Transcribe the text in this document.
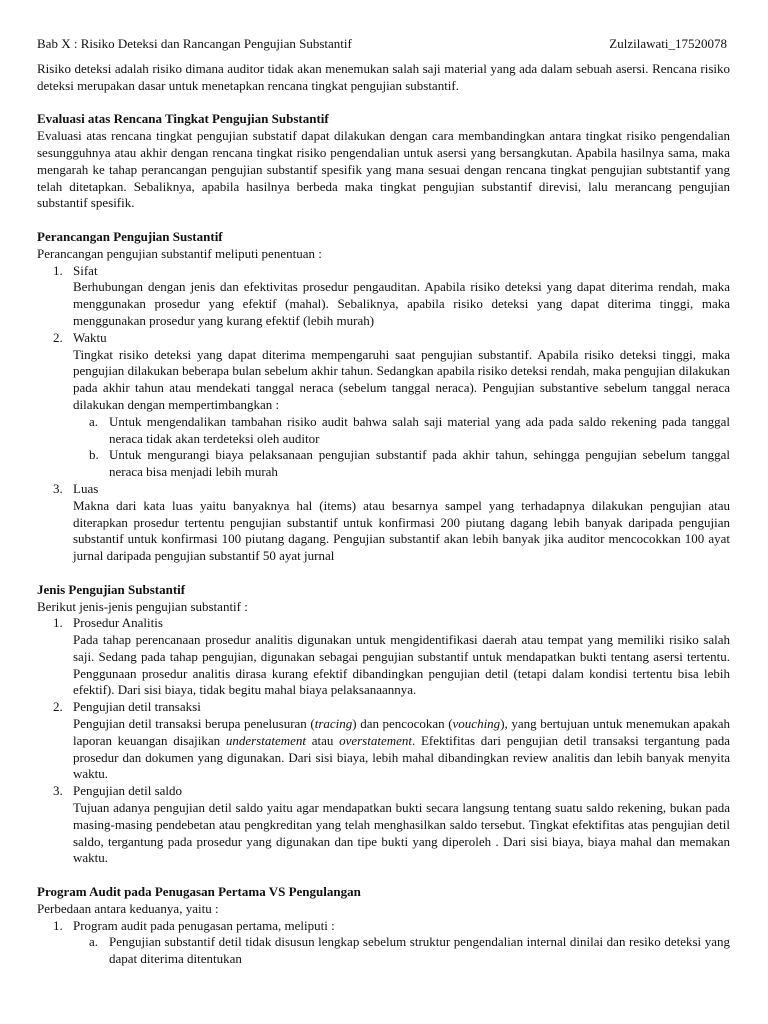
Bab X : Risiko Deteksi dan Rancangan Pengujian Substantif	Zulzilawati_17520078

Risiko deteksi adalah risiko dimana auditor tidak akan menemukan salah saji material yang ada dalam sebuah asersi. Rencana risiko deteksi merupakan dasar untuk menetapkan rencana tingkat pengujian substantif.

Evaluasi atas Rencana Tingkat Pengujian Substantif

Evaluasi atas rencana tingkat pengujian substatif dapat dilakukan dengan cara membandingkan antara tingkat risiko pengendalian sesungguhnya atau akhir dengan rencana tingkat risiko pengendalian untuk asersi yang bersangkutan. Apabila hasilnya sama, maka mengarah ke tahap perancangan pengujian substantif spesifik yang mana sesuai dengan rencana tingkat pengujian subtstantif yang telah ditetapkan. Sebaliknya, apabila hasilnya berbeda maka tingkat pengujian substantif direvisi, lalu merancang pengujian substantif spesifik.

Perancangan Pengujian Sustantif

Perancangan pengujian substantif meliputi penentuan :

1. Sifat

Berhubungan dengan jenis dan efektivitas prosedur pengauditan. Apabila risiko deteksi yang dapat diterima rendah, maka menggunakan prosedur yang efektif (mahal). Sebaliknya, apabila risiko deteksi yang dapat diterima tinggi, maka menggunakan prosedur yang kurang efektif (lebih murah)

2. Waktu

Tingkat risiko deteksi yang dapat diterima mempengaruhi saat pengujian substantif. Apabila risiko deteksi tinggi, maka pengujian dilakukan beberapa bulan sebelum akhir tahun. Sedangkan apabila risiko deteksi rendah, maka pengujian dilakukan pada akhir tahun atau mendekati tanggal neraca (sebelum tanggal neraca). Pengujian substantive sebelum tanggal neraca dilakukan dengan mempertimbangkan :

a. Untuk mengendalikan tambahan risiko audit bahwa salah saji material yang ada pada saldo rekening pada tanggal neraca tidak akan terdeteksi oleh auditor
b. Untuk mengurangi biaya pelaksanaan pengujian substantif pada akhir tahun, sehingga pengujian sebelum tanggal neraca bisa menjadi lebih murah
3. Luas

Makna dari kata luas yaitu banyaknya hal (items) atau besarnya sampel yang terhadapnya dilakukan pengujian atau diterapkan prosedur tertentu pengujian substantif untuk konfirmasi 200 piutang dagang lebih banyak daripada pengujian substantif untuk konfirmasi 100 piutang dagang. Pengujian substantif akan lebih banyak jika auditor mencocokkan 100 ayat jurnal daripada pengujian substantif 50 ayat jurnal

Jenis Pengujian Substantif

Berikut jenis-jenis pengujian substantif :

1. Prosedur Analitis

Pada tahap perencanaan prosedur analitis digunakan untuk mengidentifikasi daerah atau tempat yang memiliki risiko salah saji. Sedang pada tahap pengujian, digunakan sebagai pengujian substantif untuk mendapatkan bukti tentang asersi tertentu. Penggunaan prosedur analitis dirasa kurang efektif dibandingkan pengujian detil (tetapi dalam kondisi tertentu bisa lebih efektif). Dari sisi biaya, tidak begitu mahal biaya pelaksanaannya.

2. Pengujian detil transaksi

Pengujian detil transaksi berupa penelusuran (tracing) dan pencocokan (vouching), yang bertujuan untuk menemukan apakah laporan keuangan disajikan understatement atau overstatement. Efektifitas dari pengujian detil transaksi tergantung pada prosedur dan dokumen yang digunakan. Dari sisi biaya, lebih mahal dibandingkan review analitis dan lebih banyak menyita waktu.

3. Pengujian detil saldo

Tujuan adanya pengujian detil saldo yaitu agar mendapatkan bukti secara langsung tentang suatu saldo rekening, bukan pada masing-masing pendebetan atau pengkreditan yang telah menghasilkan saldo tersebut. Tingkat efektifitas atas pengujian detil saldo, tergantung pada prosedur yang digunakan dan tipe bukti yang diperoleh . Dari sisi biaya, biaya mahal dan memakan waktu.

Program Audit pada Penugasan Pertama VS Pengulangan

Perbedaan antara keduanya, yaitu :

1. Program audit pada penugasan pertama, meliputi :
a. Pengujian substantif detil tidak disusun lengkap sebelum struktur pengendalian internal dinilai dan resiko deteksi yang dapat diterima ditentukan
